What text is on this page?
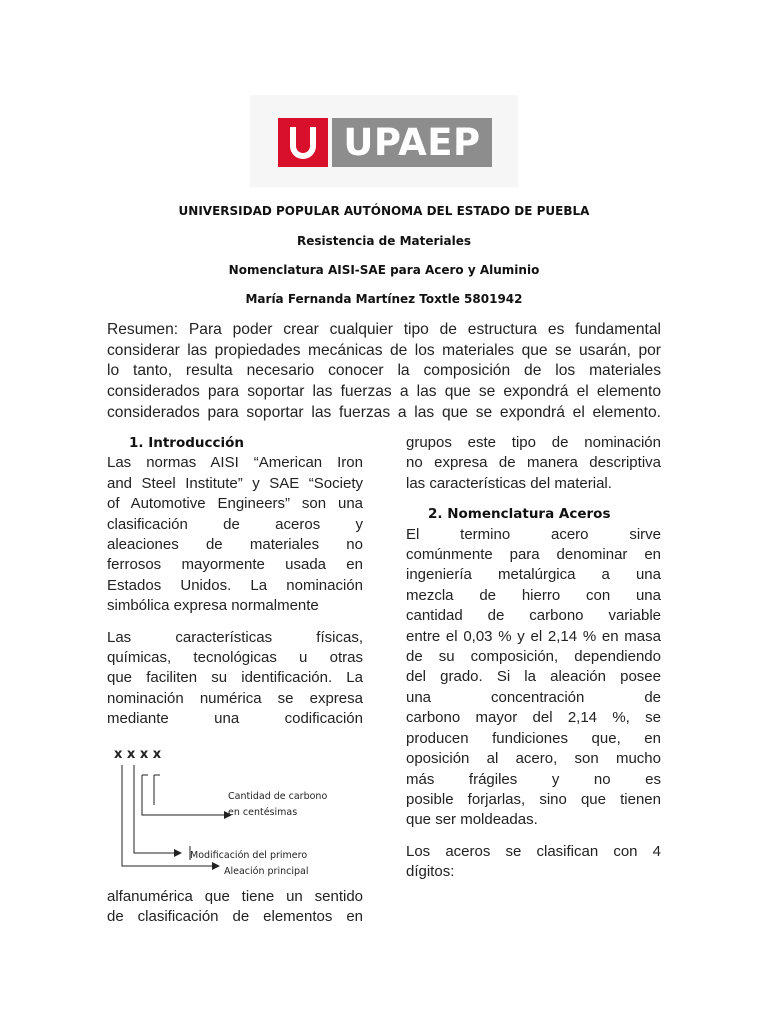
UPAEP
UNIVERSIDAD POPULAR AUTÓNOMA DEL ESTADO DE PUEBLA
Resistencia de Materiales
Nomenclatura AISI-SAE para Acero y Aluminio
María Fernanda Martínez Toxtle 5801942

Resumen: Para poder crear cualquier tipo de estructura es fundamental

considerar las propiedades mecánicas de los materiales que se usarán, por

lo tanto, resulta necesario conocer la composición de los materiales

considerados para soportar las fuerzas a las que se expondrá el elemento

considerados para soportar las fuerzas a las que se expondrá el elemento.

1. Introducción

Las normas AISI “American Iron

and Steel Institute” y SAE “Society

of Automotive Engineers” son una

clasificación de aceros y

aleaciones de materiales no

ferrosos mayormente usada en

Estados Unidos. La nominación

simbólica expresa normalmente

Las características físicas,

químicas, tecnológicas u otras

que faciliten su identificación. La

nominación numérica se expresa

mediante una codificación

x x x x
Cantidad de carbono
en centésimas
Modificación del primero
Aleación principal

alfanumérica que tiene un sentido

de clasificación de elementos en

grupos este tipo de nominación

no expresa de manera descriptiva

las características del material.

2. Nomenclatura Aceros

El termino acero sirve

comúnmente para denominar en

ingeniería metalúrgica a una

mezcla de hierro con una

cantidad de carbono variable

entre el 0,03 % y el 2,14 % en masa

de su composición, dependiendo

del grado. Si la aleación posee

una concentración de

carbono mayor del 2,14 %, se

producen fundiciones que, en

oposición al acero, son mucho

más frágiles y no es

posible forjarlas, sino que tienen

que ser moldeadas.

Los aceros se clasifican con 4

dígitos:
